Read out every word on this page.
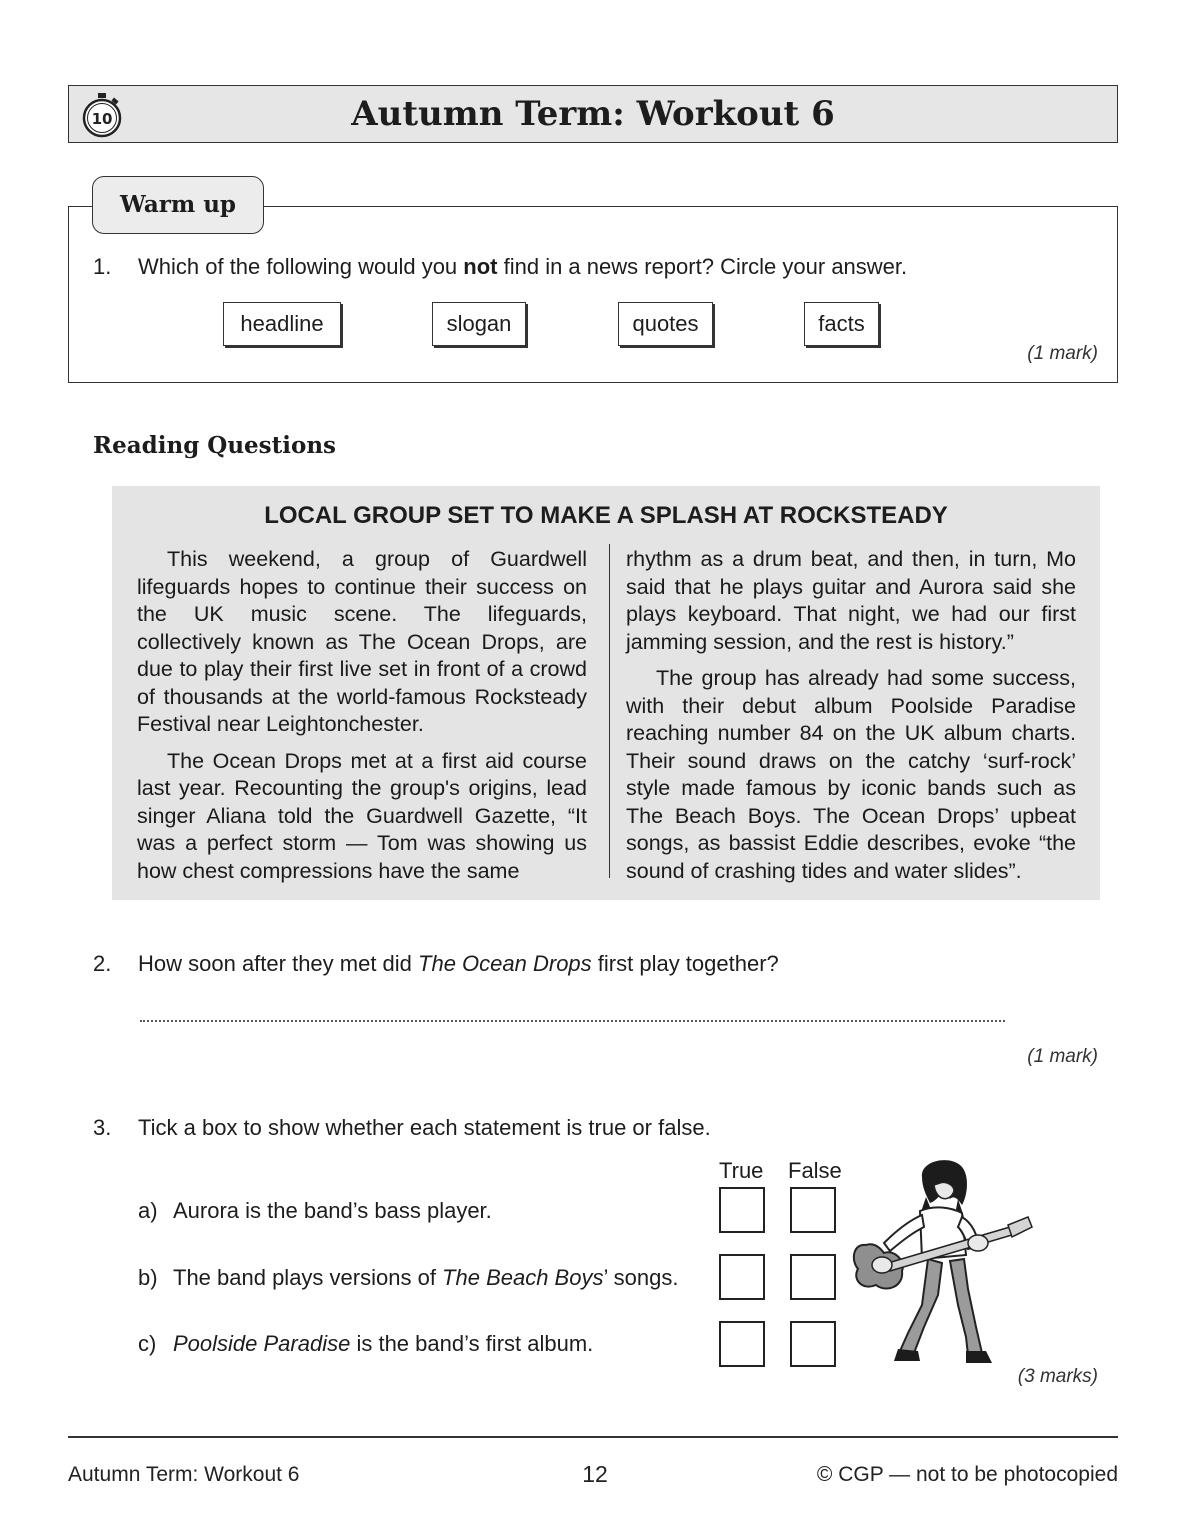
10	Autumn Term: Workout 6
Warm up
1. Which of the following would you not find in a news report? Circle your answer.
headline	slogan	quotes	facts
(1 mark)
Reading Questions
LOCAL GROUP SET TO MAKE A SPLASH AT ROCKSTEADY

This weekend, a group of Guardwell lifeguards hopes to continue their success on the UK music scene. The lifeguards, collectively known as The Ocean Drops, are due to play their first live set in front of a crowd of thousands at the world-famous Rocksteady Festival near Leightonchester.

The Ocean Drops met at a first aid course last year. Recounting the group's origins, lead singer Aliana told the Guardwell Gazette, “It was a perfect storm — Tom was showing us how chest compressions have the same

rhythm as a drum beat, and then, in turn, Mo said that he plays guitar and Aurora said she plays keyboard. That night, we had our first jamming session, and the rest is history.”

The group has already had some success, with their debut album Poolside Paradise reaching number 84 on the UK album charts. Their sound draws on the catchy ‘surf-rock’ style made famous by iconic bands such as The Beach Boys. The Ocean Drops’ upbeat songs, as bassist Eddie describes, evoke “the sound of crashing tides and water slides”.

2. How soon after they met did The Ocean Drops first play together?
(1 mark)
3. Tick a box to show whether each statement is true or false.
True False
a) Aurora is the band’s bass player.
b) The band plays versions of The Beach Boys’ songs.
c) Poolside Paradise is the band’s first album.
(3 marks)
Autumn Term: Workout 6	12	© CGP — not to be photocopied
